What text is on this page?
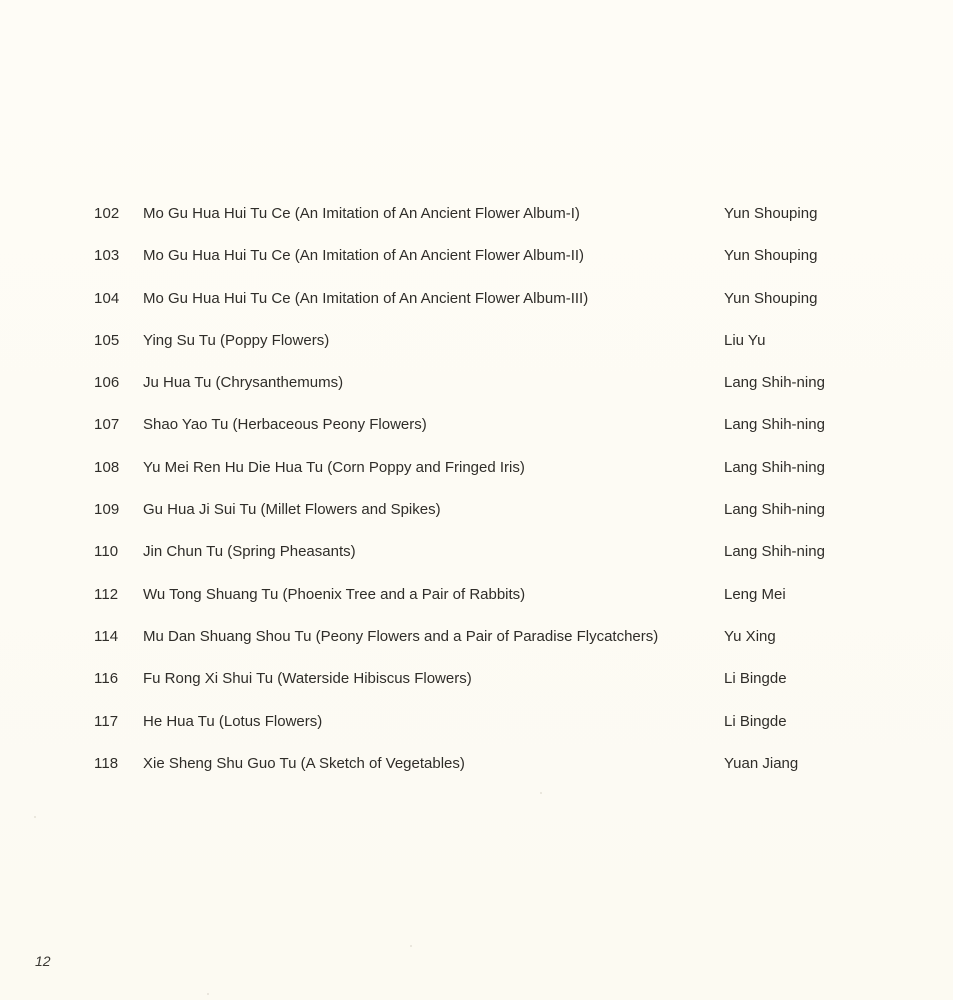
102	Mo Gu Hua Hui Tu Ce (An Imitation of An Ancient Flower Album-I)	Yun Shouping
103	Mo Gu Hua Hui Tu Ce (An Imitation of An Ancient Flower Album-II)	Yun Shouping
104	Mo Gu Hua Hui Tu Ce (An Imitation of An Ancient Flower Album-III)	Yun Shouping
105	Ying Su Tu (Poppy Flowers)	Liu Yu
106	Ju Hua Tu (Chrysanthemums)	Lang Shih-ning
107	Shao Yao Tu (Herbaceous Peony Flowers)	Lang Shih-ning
108	Yu Mei Ren Hu Die Hua Tu (Corn Poppy and Fringed Iris)	Lang Shih-ning
109	Gu Hua Ji Sui Tu (Millet Flowers and Spikes)	Lang Shih-ning
110	Jin Chun Tu (Spring Pheasants)	Lang Shih-ning
112	Wu Tong Shuang Tu (Phoenix Tree and a Pair of Rabbits)	Leng Mei
114	Mu Dan Shuang Shou Tu (Peony Flowers and a Pair of Paradise Flycatchers)	Yu Xing
116	Fu Rong Xi Shui Tu (Waterside Hibiscus Flowers)	Li Bingde
117	He Hua Tu (Lotus Flowers)	Li Bingde
118	Xie Sheng Shu Guo Tu (A Sketch of Vegetables)	Yuan Jiang
12
